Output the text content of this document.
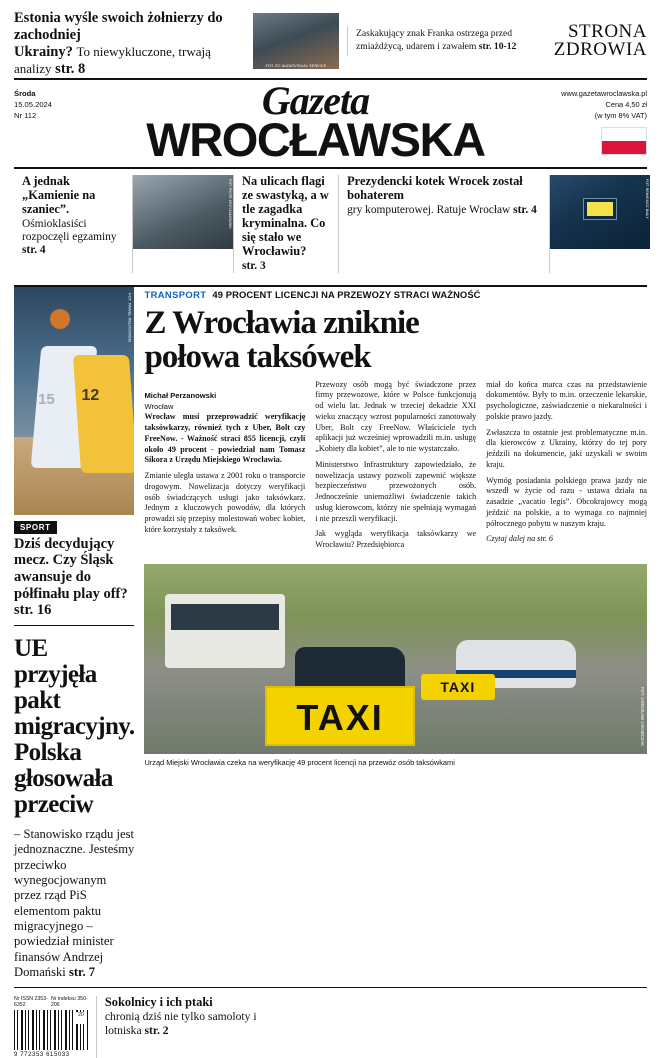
Estonia wyśle swoich żołnierzy do zachodniej
Ukrainy? To niewykluczone, trwają analizy str. 8	FOT. EC AUDIOVISUAL SERVICE
Zaskakujący znak Franka ostrzega przed zmiażdżycą, udarem i zawałem str. 10-12
STRONA
ZDROWIA
Środa
15.05.2024
Nr 112	Gazeta
WROCŁAWSKA
www.gazetawroclawska.pl
Cena 4,50 zł
(w tym 8% VAT)
A jednak „Kamienie na szaniec”.

Ośmioklasiści rozpoczęli egzaminy
str. 4

FOT. PIOTR KRZYŻANOWSKI Na ulicach flagi ze swastyką, a w tle zagadka kryminalna. Co się stało we Wrocławiu?

str. 3

Prezydencki kotek Wrocek został bohaterem

gry komputerowej. Ratuje Wrocław str. 4	FOT. REMIGIUSZ BIAŁY
15 12
FOT. PAWEŁ RELIKOWSKI
SPORT
Dziś decydujący mecz. Czy Śląsk awansuje do półfinału play off? str. 16
UE przyjęła pakt migracyjny. Polska głosowała przeciw

– Stanowisko rządu jest jednoznaczne. Jesteśmy przeciwko wynegocjowanym przez rząd PiS elementom paktu migracyjnego – powiedział minister finansów Andrzej Domański str. 7

TRANSPORT 49 PROCENT LICENCJI NA PRZEWOZY STRACI WAŻNOŚĆ
Z Wrocławia zniknie
połowa taksówek
Michał Perzanowski
Wrocław

Wrocław musi przeprowadzić weryfikację taksówkarzy, również tych z Uber, Bolt czy FreeNow. - Ważność straci 855 licencji, czyli około 49 procent - powiedział nam Tomasz Sikora z Urzędu Miejskiego Wrocławia.

Zmianie uległa ustawa z 2001 roku o transporcie drogowym. Nowelizacja dotyczy weryfikacji osób świadczących usługi jako taksówkarz. Jednym z kluczowych powodów, dla których prowadzi się przepisy molestowań wobec kobiet, które korzystały z taksówek.

Przewozy osób mogą być świadczone przez firmy przewozowe, które w Polsce funkcjonują od wielu lat. Jednak w trzeciej dekadzie XXI wieku znaczący wzrost popularności zanotowały Uber, Bolt czy FreeNow. Właściciele tych aplikacji już wcześniej wprowadzili m.in. usługę „Kobiety dla kobiet”, ale to nie wystarczało.

Ministerstwo Infrastruktury zapowiedziało, że nowelizacja ustawy pozwoli zapewnić większe bezpieczeństwo przewożonych osób. Jednocześnie uniemożliwi świadczenie takich usług kierowcom, którzy nie spełniają wymagań i nie przeszli weryfikacji.

Jak wygląda weryfikacja taksówkarzy we Wrocławiu? Przedsiębiorca

miał do końca marca czas na przedstawienie dokumentów. Były to m.in. orzeczenie lekarskie, psychologiczne, zaświadczenie o niekaralności i polskie prawo jazdy.

Zwłaszcza to ostatnie jest problematyczne m.in. dla kierowców z Ukrainy, którzy do tej pory jeździli na dokumencie, jaki uzyskali w swoim kraju.

Wymóg posiadania polskiego prawa jazdy nie wszedł w życie od razu - ustawa działa na zasadzie „vacatio legis”. Obcokrajowcy mogą jeździć na polskie, a to wymaga co najmniej półrocznego pobytu w naszym kraju.

Czytaj dalej na str. 6

TAXI
TAXI	FOT. JAROSŁAW JAKUBCZAK
Urząd Miejski Wrocławia czeka na weryfikację 49 procent licencji na przewóz osób taksówkami
Nr ISSN 2353-6352
Nr indeksu 350-206
20
9 772353 615033
Sokolnicy i ich ptaki

chronią dziś nie tylko samoloty i lotniska str. 2
